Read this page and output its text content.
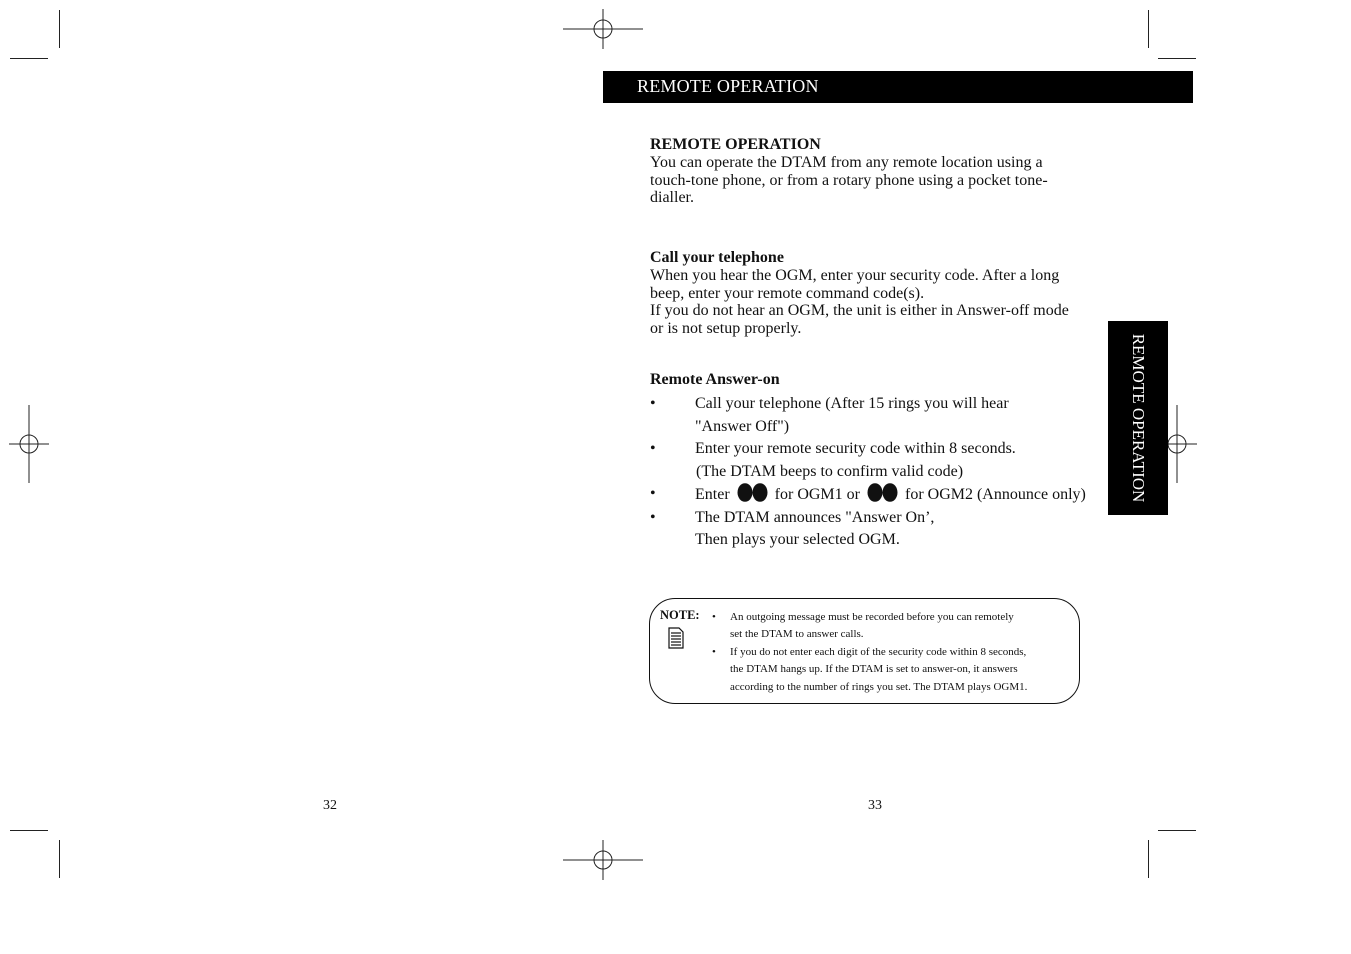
REMOTE OPERATION
REMOTE OPERATION
REMOTE OPERATION
You can operate the DTAM from any remote location using a
touch-tone phone, or from a rotary phone using a pocket tone-
dialler.
Call your telephone
When you hear the OGM, enter your security code. After a long
beep, enter your remote command code(s).
If you do not hear an OGM, the unit is either in Answer-off mode
or is not setup properly.
Remote Answer-on
• Call your telephone (After 15 rings you will hear
"Answer Off")
• Enter your remote security code within 8 seconds.
(The DTAM beeps to confirm valid code)
• Enter	for OGM1 or	for OGM2 (Announce only)
• The DTAM announces "Answer On’,
Then plays your selected OGM.
NOTE:
•	An outgoing message must be recorded before you can remotely
set the DTAM to answer calls.
• If you do not enter each digit of the security code within 8 seconds,
the DTAM hangs up. If the DTAM is set to answer-on, it answers
according to the number of rings you set. The DTAM plays OGM1.
32	33
